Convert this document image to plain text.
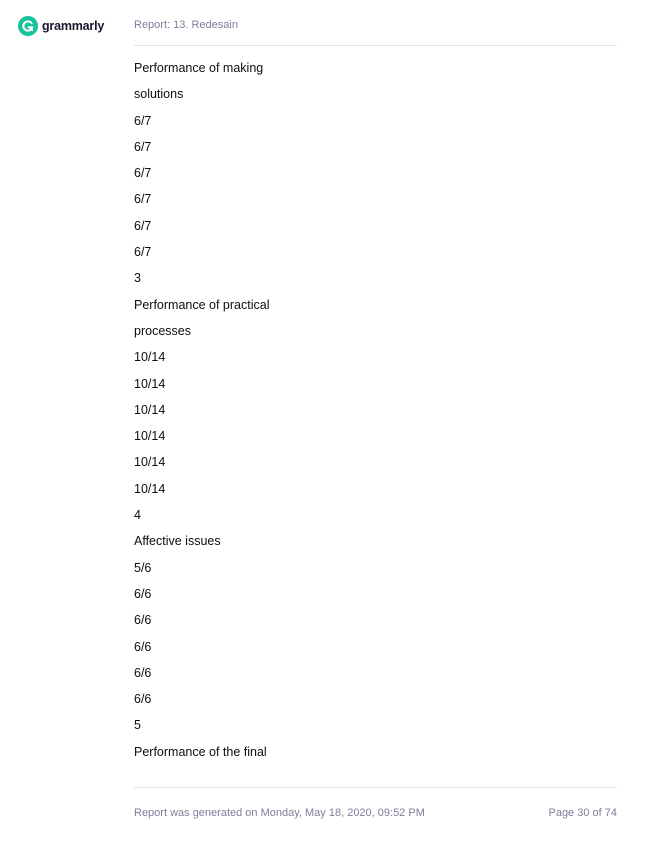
grammarly	Report: 13. Redesain
Performance of making
solutions
6/7
6/7
6/7
6/7
6/7
6/7
3
Performance of practical
processes
10/14
10/14
10/14
10/14
10/14
10/14
4
Affective issues
5/6
6/6
6/6
6/6
6/6
6/6
5
Performance of the final
Report was generated on Monday, May 18, 2020, 09:52 PM	Page 30 of 74
